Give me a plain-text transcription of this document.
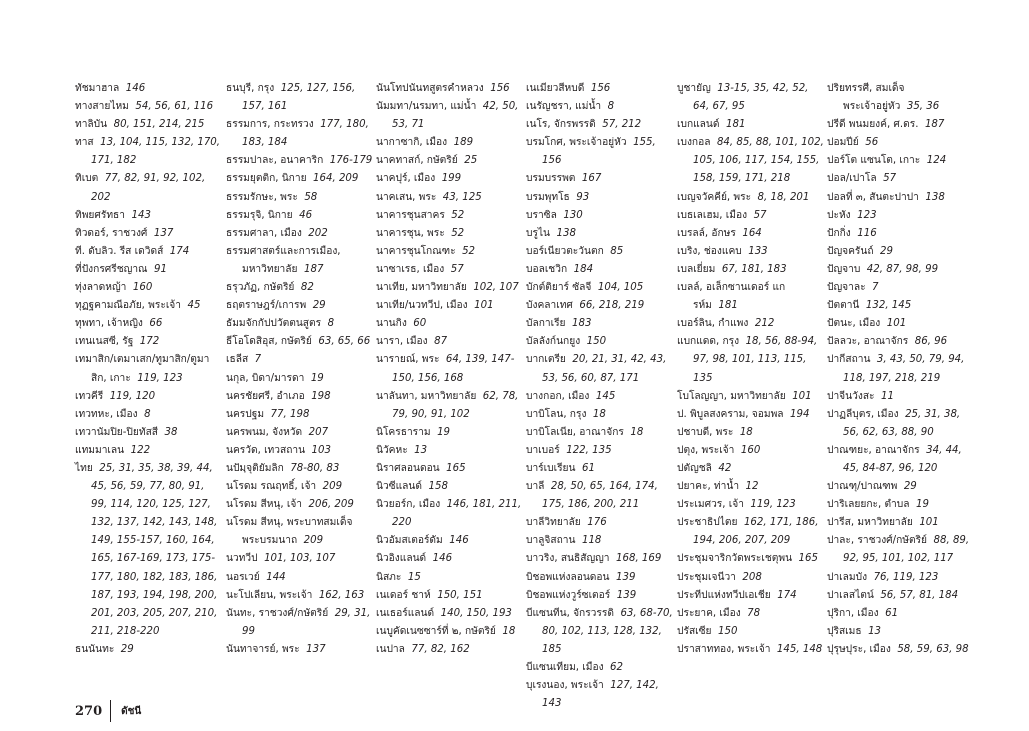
ทัชมาฮาล 146
ทางสายไหม 54, 56, 61, 116
ทาลิบัน 80, 151, 214, 215
ทาส 13, 104, 115, 132, 170, 171, 182
ทิเบต 77, 82, 91, 92, 102, 202
ทิพยศรัทธา 143
ทิวดอร์, ราชวงศ์ 137
ที. ดับลิว. รีส เดวิดส์ 174
ที่ปังกรศรีชญาณ 91
ทุ่งลาดหญ้า 160
ทุฏฐคามณีอภัย, พระเจ้า 45
ทุพทา, เจ้าหญิง 66
เทนเนสซี, รัฐ 172
เทมาสิก/เตมาเสก/ทูมาสิก/ตูมาสิก, เกาะ 119, 123
เทวคีรี 119, 120
เทวทหะ, เมือง 8
เทวานัมปิย-ปิยทัสสี 38
แทมมาเลน 122
ไทย 25, 31, 35, 38, 39, 44, 45, 56, 59, 77, 80, 91, 99, 114, 120, 125, 127, 132, 137, 142, 143, 148, 149, 155-157, 160, 164, 165, 167-169, 173, 175-177, 180, 182, 183, 186, 187, 193, 194, 198, 200, 201, 203, 205, 207, 210, 211, 218-220
ธนนันทะ 29
ธนบุรี, กรุง 125, 127, 156, 157, 161
ธรรมการ, กระทรวง 177, 180, 183, 184
ธรรมปาละ, อนาคาริก 176-179
ธรรมยุตติก, นิกาย 164, 209
ธรรมรักษะ, พระ 58
ธรรมรุจิ, นิกาย 46
ธรรมศาลา, เมือง 202
ธรรมศาสตร์และการเมือง, มหาวิทยาลัย 187
ธรุวภัฏ, กษัตริย์ 82
ธฤตราษฎร์/เการพ 29
ธัมมจักกัปปวัตตนสูตร 8
ธีโอโดสิอุส, กษัตริย์ 63, 65, 66
เธลีส 7
นกุล, บิดา/มารดา 19
นครชัยศรี, อำเภอ 198
นครปฐม 77, 198
นครพนม, จังหวัด 207
นครวัด, เทวสถาน 103
นปัมฺจุติยัมลิก 78-80, 83
นโรดม รณฤทธิ์, เจ้า 209
นโรดม สีหนุ, เจ้า 206, 209
นโรดม สีหนุ, พระบาทสมเด็จพระบรมนาถ 209
นวทวีป 101, 103, 107
นอรเวย์ 144
นะโปเลียน, พระเจ้า 162, 163
นันทะ, ราชวงศ์/กษัตริย์ 29, 31, 99
นันทาจารย์, พระ 137
นันโทปนันทสูตรคำหลวง 156
นัมมทา/นรมทา, แม่น้ำ 42, 50, 53, 71
นากาซากิ, เมือง 189
นาคทาสก์, กษัตริย์ 25
นาคปุร์, เมือง 199
นาคเสน, พระ 43, 125
นาคารชุนสาคร 52
นาคารชุน, พระ 52
นาคารชุนโกณฑะ 52
นาซาเรธ, เมือง 57
นาเทีย, มหาวิทยาลัย 102, 107
นาเทีย/นวทวีป, เมือง 101
นานกิง 60
นารา, เมือง 87
นารายณ์, พระ 64, 139, 147-150, 156, 168
นาลันทา, มหาวิทยาลัย 62, 78, 79, 90, 91, 102
นิโครธาราม 19
นิวัคหะ 13
นิราศลอนดอน 165
นิวซีแลนด์ 158
นิวยอร์ก, เมือง 146, 181, 211, 220
นิวอัมสเตอร์ดัม 146
นิวอิงแลนด์ 146
นิสภะ 15
เนเดอร์ ชาห์ 150, 151
เนเธอร์แลนด์ 140, 150, 193
เนบูคัดเนซซาร์ที่ ๒, กษัตริย์ 18
เนปาล 77, 82, 162
เนเมียวสีหบดี 156
เนรัญชรา, แม่น้ำ 8
เนโร, จักรพรรดิ 57, 212
บรมโกศ, พระเจ้าอยู่หัว 155, 156
บรมบรรพต 167
บรมพุทโธ 93
บราซิล 130
บรูไน 138
บอร์เนียวตะวันตก 85
บอลเชวิก 184
บักต์ติยาร์ ซัลจี 104, 105
บังคลาเทศ 66, 218, 219
บัลกาเรีย 183
บัลลังก์นกยูง 150
บากเตรีย 20, 21, 31, 42, 43, 53, 56, 60, 87, 171
บางกอก, เมือง 145
บาบิโลน, กรุง 18
บาบิโลเนีย, อาณาจักร 18
บาเบอร์ 122, 135
บาร์เบเรียน 61
บาลี 28, 50, 65, 164, 174, 175, 186, 200, 211
บาลีวิทยาลัย 176
บาลูจิสถาน 118
บาวริง, สนธิสัญญา 168, 169
บิชอพแห่งลอนดอน 139
บิชอพแห่งวูร์ซเตอร์ 139
บีแซนทีน, จักรวรรดิ 63, 68-70, 80, 102, 113, 128, 132, 185
บีแซนเทียม, เมือง 62
บุเรงนอง, พระเจ้า 127, 142, 143
บูชายัญ 13-15, 35, 42, 52, 64, 67, 95
เบกแลนด์ 181
เบงกอล 84, 85, 88, 101, 102, 105, 106, 117, 154, 155, 158, 159, 171, 218
เบญจวัคคีย์, พระ 8, 18, 201
เบธเลเฮม, เมือง 57
เบรลล์, อักษร 164
เบริง, ช่องแคบ 133
เบลเยี่ยม 67, 181, 183
เบลล์, อเล็กซานเดอร์ แกรห์ม 181
เบอร์ลิน, กำแพง 212
แบกแดด, กรุง 18, 56, 88-94, 97, 98, 101, 113, 115, 135
โบโลญญา, มหาวิทยาลัย 101
ป. พิบูลสงคราม, จอมพล 194
ปชาบดี, พระ 18
ปตุง, พระเจ้า 160
ปตัญชลิ 42
ปยาคะ, ท่าน้ำ 12
ประเมศวร, เจ้า 119, 123
ประชาธิปไตย 162, 171, 186, 194, 206, 207, 209
ประชุมจาริกวัดพระเชตุพน 165
ประชุมเจนีวา 208
ประทีปแห่งทวีปเอเชีย 174
ประยาค, เมือง 78
ปรัสเซีย 150
ปราสาททอง, พระเจ้า 145, 148
ปริยทรรศี, สมเด็จพระเจ้าอยู่หัว 35, 36
ปรีดี พนมยงค์, ศ.ดร. 187
ปอมปีย์ 56
ปอร์โต แซนโต, เกาะ 124
ปอล/เปาโล 57
ปอลที่ ๓, สันตะปาปา 138
ปะหัง 123
ปักกิ่ง 116
ปัญจครันถ์ 29
ปัญจาบ 42, 87, 98, 99
ปัญจาละ 7
ปัตตานี 132, 145
ปัตนะ, เมือง 101
ปัลลวะ, อาณาจักร 86, 96
ปากีสถาน 3, 43, 50, 79, 94, 118, 197, 218, 219
ปาจีนวังสะ 11
ปาฏลีบุตร, เมือง 25, 31, 38, 56, 62, 63, 88, 90
ปาณฑยะ, อาณาจักร 34, 44, 45, 84-87, 96, 120
ปาณฑุ/ปาณฑพ 29
ปาริเลยยกะ, ตำบล 19
ปารีส, มหาวิทยาลัย 101
ปาละ, ราชวงศ์/กษัตริย์ 88, 89, 92, 95, 101, 102, 117
ปาเลมบัง 76, 119, 123
ปาเลสไตน์ 56, 57, 81, 184
ปุริกา, เมือง 61
ปุริสเมธ 13
ปุรุษปุระ, เมือง 58, 59, 63, 98
270 ดัชนี
